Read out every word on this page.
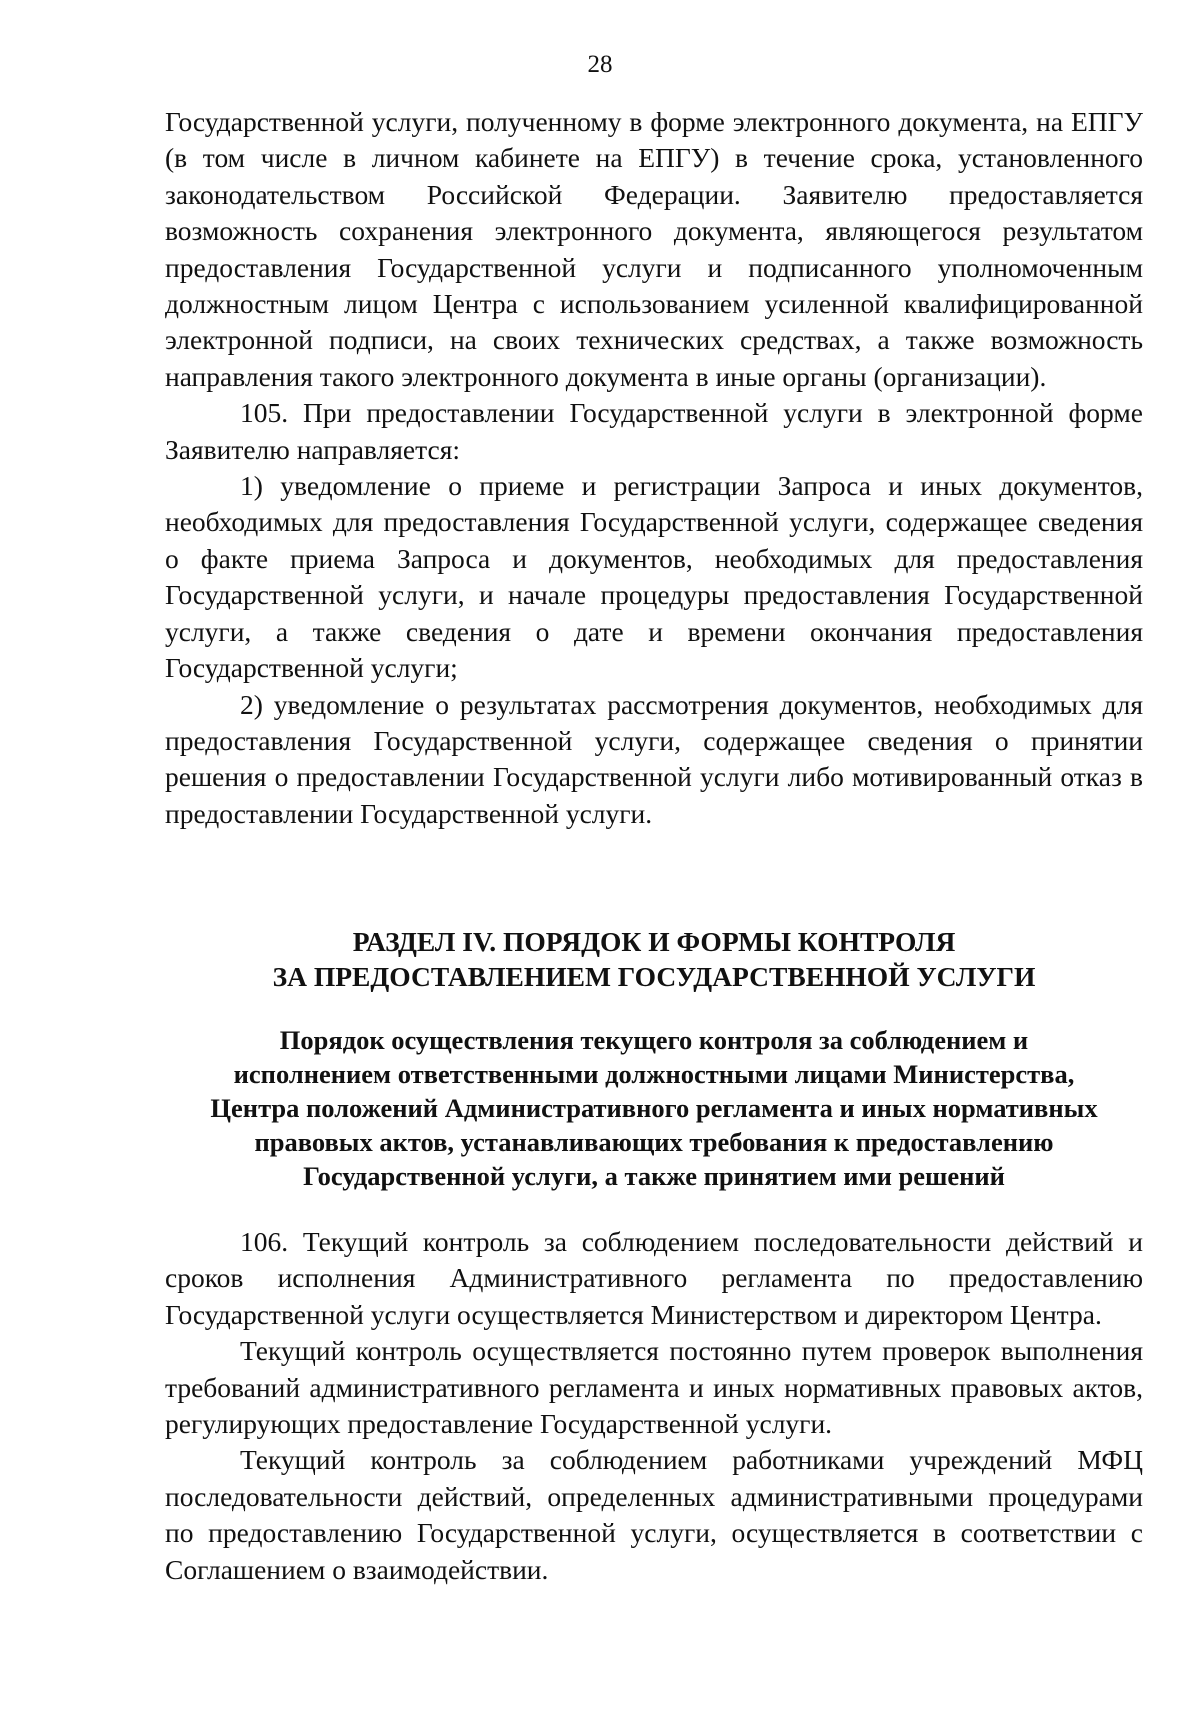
28

Государственной услуги, полученному в форме электронного документа, на ЕПГУ (в том числе в личном кабинете на ЕПГУ) в течение срока, установленного законодательством Российской Федерации. Заявителю предоставляется возможность сохранения электронного документа, являющегося результатом предоставления Государственной услуги и подписанного уполномоченным должностным лицом Центра с использованием усиленной квалифицированной электронной подписи, на своих технических средствах, а также возможность направления такого электронного документа в иные органы (организации).

105. При предоставлении Государственной услуги в электронной форме Заявителю направляется:

1) уведомление о приеме и регистрации Запроса и иных документов, необходимых для предоставления Государственной услуги, содержащее сведения о факте приема Запроса и документов, необходимых для предоставления Государственной услуги, и начале процедуры предоставления Государственной услуги, а также сведения о дате и времени окончания предоставления Государственной услуги;

2) уведомление о результатах рассмотрения документов, необходимых для предоставления Государственной услуги, содержащее сведения о принятии решения о предоставлении Государственной услуги либо мотивированный отказ в предоставлении Государственной услуги.

РАЗДЕЛ IV. ПОРЯДОК И ФОРМЫ КОНТРОЛЯ
ЗА ПРЕДОСТАВЛЕНИЕМ ГОСУДАРСТВЕННОЙ УСЛУГИ
Порядок осуществления текущего контроля за соблюдением и
исполнением ответственными должностными лицами Министерства,
Центра положений Административного регламента и иных нормативных
правовых актов, устанавливающих требования к предоставлению
Государственной услуги, а также принятием ими решений

106. Текущий контроль за соблюдением последовательности действий и сроков исполнения Административного регламента по предоставлению Государственной услуги осуществляется Министерством и директором Центра.

Текущий контроль осуществляется постоянно путем проверок выполнения требований административного регламента и иных нормативных правовых актов, регулирующих предоставление Государственной услуги.

Текущий контроль за соблюдением работниками учреждений МФЦ последовательности действий, определенных административными процедурами по предоставлению Государственной услуги, осуществляется в соответствии с Соглашением о взаимодействии.
